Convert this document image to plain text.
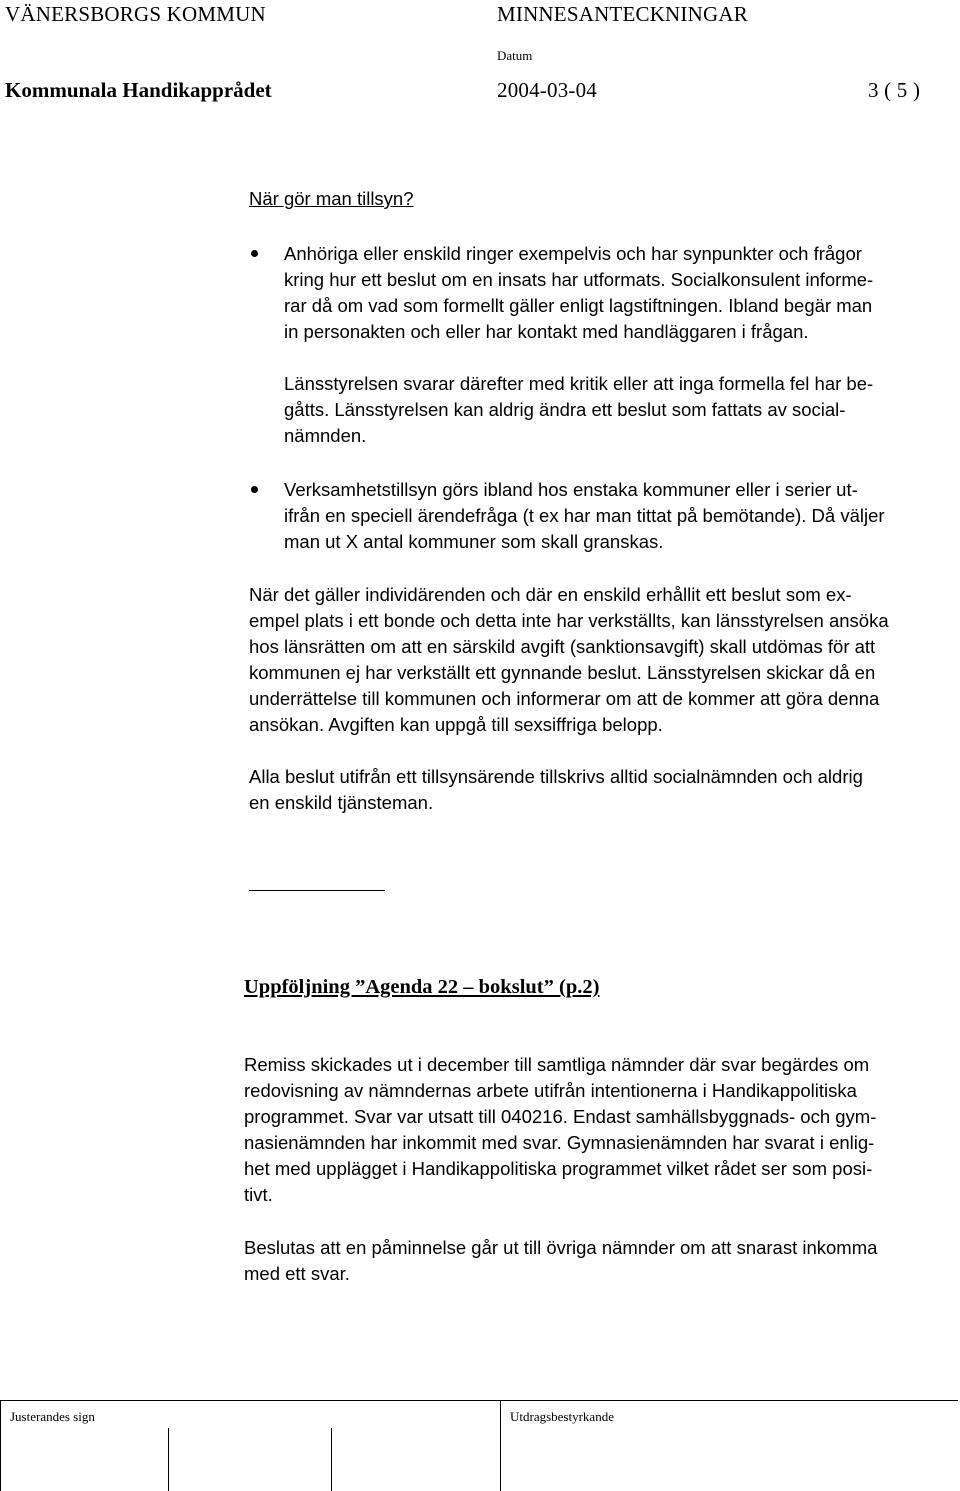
VÄNERSBORGS KOMMUN	MINNESANTECKNINGAR
Datum
Kommunala Handikapprådet	2004-03-04	3 ( 5 )
När gör man tillsyn?
Anhöriga eller enskild ringer exempelvis och har synpunkter och frågor
kring hur ett beslut om en insats har utformats. Socialkonsulent informe-
rar då om vad som formellt gäller enligt lagstiftningen. Ibland begär man
in personakten och eller har kontakt med handläggaren i frågan.
Länsstyrelsen svarar därefter med kritik eller att inga formella fel har be-
gåtts. Länsstyrelsen kan aldrig ändra ett beslut som fattats av social-
nämnden.
Verksamhetstillsyn görs ibland hos enstaka kommuner eller i serier ut-
ifrån en speciell ärendefråga (t ex har man tittat på bemötande). Då väljer
man ut X antal kommuner som skall granskas.
När det gäller individärenden och där en enskild erhållit ett beslut som ex-
empel plats i ett bonde och detta inte har verkställts, kan länsstyrelsen ansöka
hos länsrätten om att en särskild avgift (sanktionsavgift) skall utdömas för att
kommunen ej har verkställt ett gynnande beslut. Länsstyrelsen skickar då en
underrättelse till kommunen och informerar om att de kommer att göra denna
ansökan. Avgiften kan uppgå till sexsiffriga belopp.
Alla beslut utifrån ett tillsynsärende tillskrivs alltid socialnämnden och aldrig
en enskild tjänsteman.
Uppföljning ”Agenda 22 – bokslut” (p.2)
Remiss skickades ut i december till samtliga nämnder där svar begärdes om
redovisning av nämndernas arbete utifrån intentionerna i Handikappolitiska
programmet. Svar var utsatt till 040216. Endast samhällsbyggnads- och gym-
nasienämnden har inkommit med svar. Gymnasienämnden har svarat i enlig-
het med upplägget i Handikappolitiska programmet vilket rådet ser som posi-
tivt.
Beslutas att en påminnelse går ut till övriga nämnder om att snarast inkomma
med ett svar.
Justerandes sign	Utdragsbestyrkande
